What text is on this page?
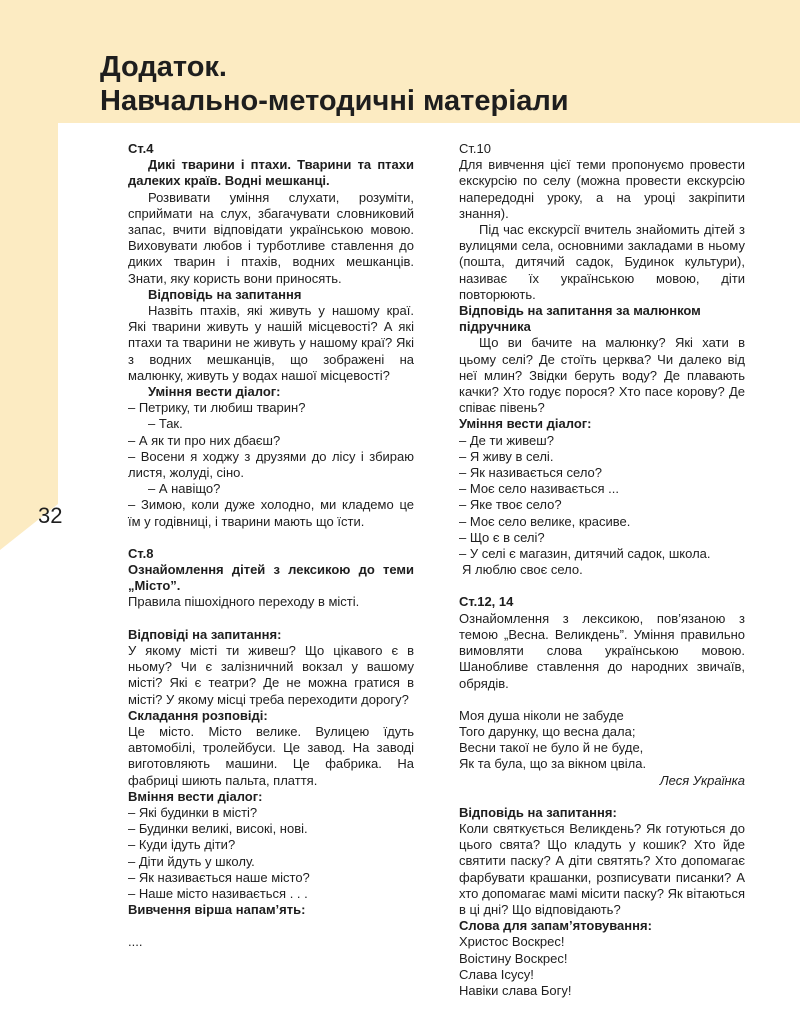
Додаток.
Навчально-методичні матеріали
32

Ст.4

Дикі тварини і птахи. Тварини та птахи далеких країв. Водні мешканці.

Розвивати уміння слухати, розуміти, сприймати на слух, збагачувати словниковий запас, вчити відповідати українською мовою. Виховувати любов і турботливе ставлення до диких тварин і птахів, водних мешканців. Знати, яку користь вони приносять.

Відповідь на запитання

Назвіть птахів, які живуть у нашому краї. Які тварини живуть у нашій місцевості? А які птахи та тварини не живуть у нашому краї? Які з водних мешканців, що зображені на малюнку, живуть у водах нашої місцевості?

Уміння вести діалог:

– Петрику, ти любиш тварин?

– Так.

– А як ти про них дбаєш?

– Восени я ходжу з друзями до лісу і збираю листя, жолуді, сіно.

– А навіщо?

– Зимою, коли дуже холодно, ми кладемо це їм у годівниці, і тварини мають що їсти.

Ст.8

Ознайомлення дітей з лексикою до теми „Місто”.

Правила пішохідного переходу в місті.

Відповіді на запитання:

У якому місті ти живеш? Що цікавого є в ньому? Чи є залізничний вокзал у вашому місті? Які є театри? Де не можна гратися в місті? У якому місці треба переходити дорогу?

Складання розповіді:

Це місто. Місто велике. Вулицею їдуть автомобілі, тролейбуси. Це завод. На заводі виготовляють машини. Це фабрика. На фабриці шиють пальта, плаття.

Вміння вести діалог:

– Які будинки в місті?

– Будинки великі, високі, нові.

– Куди ідуть діти?

– Діти йдуть у школу.

– Як називається наше місто?

– Наше місто називається . . .

Вивчення вірша напам’ять:

....

Ст.10

Для вивчення цієї теми пропонуємо провести екскурсію по селу (можна провести екскурсію напередодні уроку, а на уроці закріпити знання).

Під час екскурсії вчитель знайомить дітей з вулицями села, основними закладами в ньому (пошта, дитячий садок, Будинок культури), називає їх українською мовою, діти повторюють.

Відповідь на запитання за малюнком підручника

Що ви бачите на малюнку? Які хати в цьому селі? Де стоїть церква? Чи далеко від неї млин? Звідки беруть воду? Де плавають качки? Хто годує порося? Хто пасе корову? Де співає півень?

Уміння вести діалог:

– Де ти живеш?

– Я живу в селі.

– Як називається село?

– Моє село називається ...

– Яке твоє село?

– Моє село велике, красиве.

– Що є в селі?

– У селі є магазин, дитячий садок, школа.

Я люблю своє село.

Ст.12, 14

Ознайомлення з лексикою, пов’язаною з темою „Весна. Великдень”. Уміння правильно вимовляти слова українською мовою. Шанобливе ставлення до народних звичаїв, обрядів.

Моя душа ніколи не забуде

Того дарунку, що весна дала;

Весни такої не було й не буде,

Як та була, що за вікном цвіла.

Леся Українка

Відповідь на запитання:

Коли святкується Великдень? Як готуються до цього свята? Що кладуть у кошик? Хто йде святити паску? А діти святять? Хто допомагає фарбувати крашанки, розписувати писанки? А хто допомагає мамі місити паску? Як вітаються в ці дні? Що відповідають?

Слова для запам’ятовування:

Христос Воскрес!

Воістину Воскрес!

Слава Ісусу!

Навіки слава Богу!
